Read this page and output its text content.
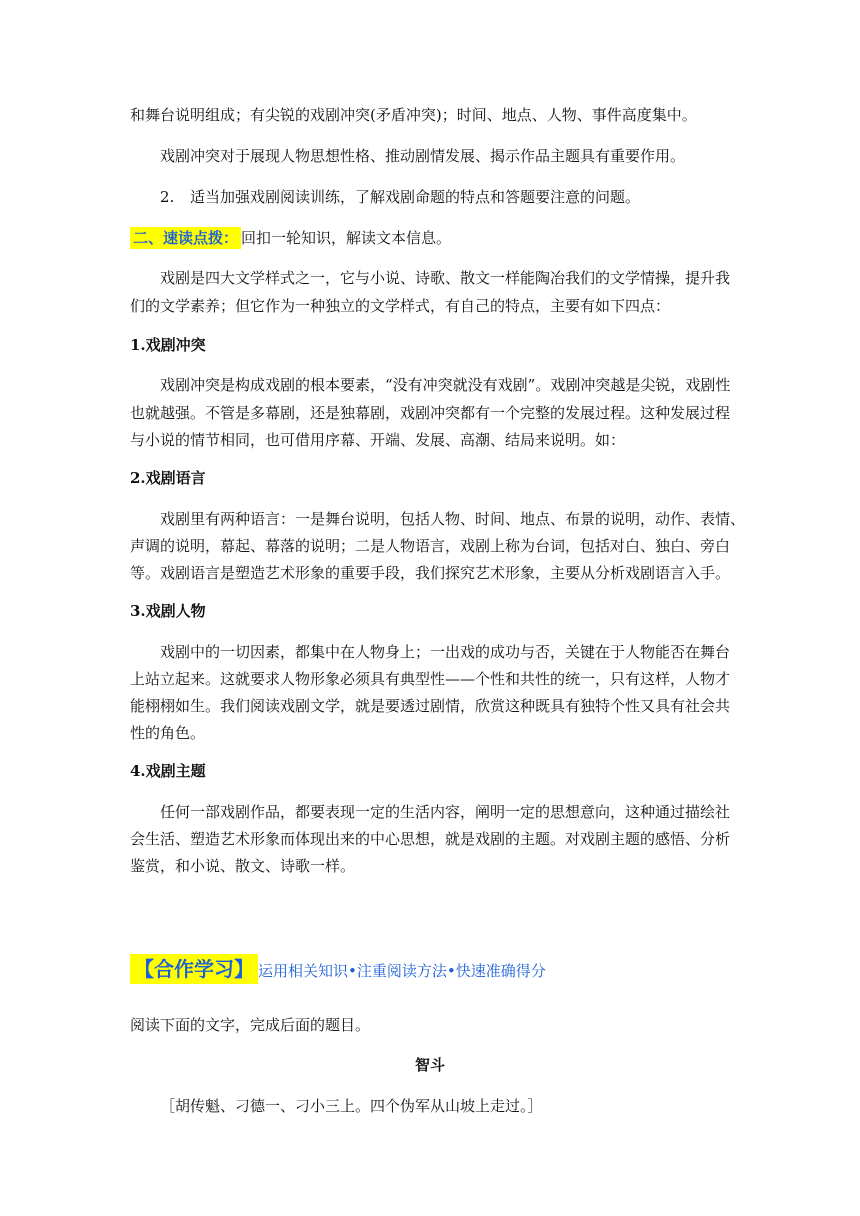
和舞台说明组成；有尖锐的戏剧冲突(矛盾冲突)；时间、地点、人物、事件高度集中。

戏剧冲突对于展现人物思想性格、推动剧情发展、揭示作品主题具有重要作用。

2. 适当加强戏剧阅读训练，了解戏剧命题的特点和答题要注意的问题。

二、速读点拨： 回扣一轮知识，解读文本信息。

戏剧是四大文学样式之一，它与小说、诗歌、散文一样能陶冶我们的文学情操，提升我

们的文学素养；但它作为一种独立的文学样式，有自己的特点，主要有如下四点：

1.戏剧冲突

戏剧冲突是构成戏剧的根本要素，“没有冲突就没有戏剧”。戏剧冲突越是尖锐，戏剧性

也就越强。不管是多幕剧，还是独幕剧，戏剧冲突都有一个完整的发展过程。这种发展过程

与小说的情节相同，也可借用序幕、开端、发展、高潮、结局来说明。如：

2.戏剧语言

戏剧里有两种语言：一是舞台说明，包括人物、时间、地点、布景的说明，动作、表情、

声调的说明，幕起、幕落的说明；二是人物语言，戏剧上称为台词，包括对白、独白、旁白

等。戏剧语言是塑造艺术形象的重要手段，我们探究艺术形象，主要从分析戏剧语言入手。

3.戏剧人物

戏剧中的一切因素，都集中在人物身上；一出戏的成功与否，关键在于人物能否在舞台

上站立起来。这就要求人物形象必须具有典型性——个性和共性的统一，只有这样，人物才

能栩栩如生。我们阅读戏剧文学，就是要透过剧情，欣赏这种既具有独特个性又具有社会共

性的角色。

4.戏剧主题

任何一部戏剧作品，都要表现一定的生活内容，阐明一定的思想意向，这种通过描绘社

会生活、塑造艺术形象而体现出来的中心思想，就是戏剧的主题。对戏剧主题的感悟、分析

鉴赏，和小说、散文、诗歌一样。

【合作学习】 运用相关知识•注重阅读方法•快速准确得分

阅读下面的文字，完成后面的题目。

智斗

［胡传魁、刁德一、刁小三上。四个伪军从山坡上走过。］
